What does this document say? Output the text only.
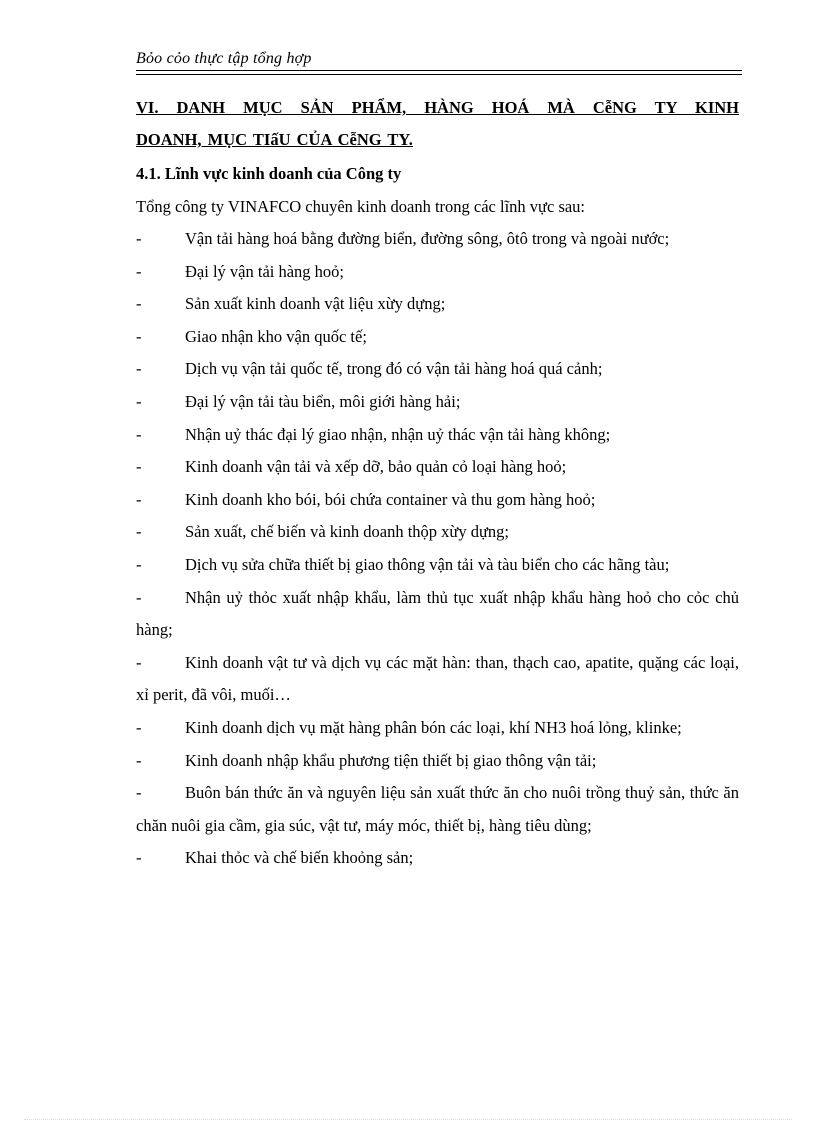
Bỏo cỏo thực tập tổng hợp
VI. DANH MỤC SẢN PHẨM, HÀNG HOÁ MÀ CễNG TY KINH
DOANH, MỤC TIấU CỦA CễNG TY.
4.1. Lĩnh vực kinh doanh của Công ty
Tổng công ty VINAFCO chuyên kinh doanh trong các lĩnh vực sau:
-	Vận tải hàng hoá bằng đường biển, đường sông, ôtô trong và ngoài nước;
-	Đại lý vận tải hàng hoỏ;
-	Sản xuất kinh doanh vật liệu xừy dựng;
-	Giao nhận kho vận quốc tế;
-	Dịch vụ vận tải quốc tế, trong đó có vận tải hàng hoá quá cảnh;
-	Đại lý vận tải tàu biển, môi giới hàng hải;
-	Nhận uỷ thác đại lý giao nhận, nhận uỷ thác vận tải hàng không;
-	Kinh doanh vận tải và xếp dỡ, bảo quản cỏ loại hàng hoỏ;
-	Kinh doanh kho bói, bói chứa container và thu gom hàng hoỏ;
-	Sản xuất, chế biến và kinh doanh thộp xừy dựng;
-	Dịch vụ sửa chữa thiết bị giao thông vận tải và tàu biển cho các hãng tàu;
-	Nhận uỷ thỏc xuất nhập khẩu, làm thủ tục xuất nhập khẩu hàng hoỏ cho cỏc chủ hàng;
-	Kinh doanh vật tư và dịch vụ các mặt hàn: than, thạch cao, apatite, quặng các loại, xỉ perit, đã vôi, muối…
-	Kinh doanh dịch vụ mặt hàng phân bón các loại, khí NH3 hoá lỏng, klinke;
-	Kinh doanh nhập khẩu phương tiện thiết bị giao thông vận tải;
-	Buôn bán thức ăn và nguyên liệu sản xuất thức ăn cho nuôi trồng thuỷ sản, thức ăn chăn nuôi gia cầm, gia súc, vật tư, máy móc, thiết bị, hàng tiêu dùng;
-	Khai thỏc và chế biến khoỏng sản;
